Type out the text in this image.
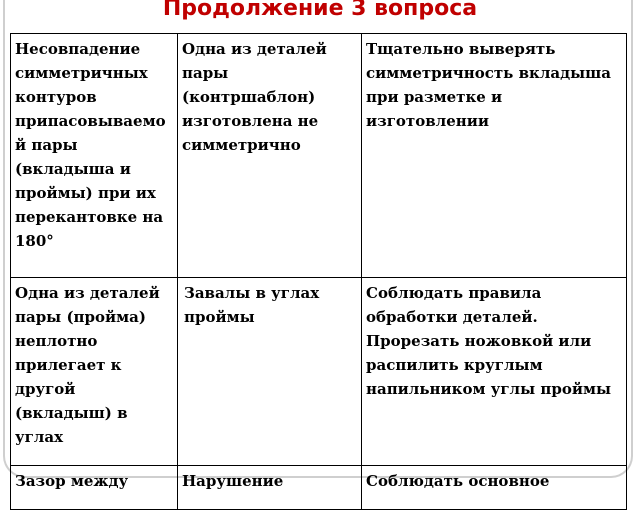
Продолжение 3 вопроса
Несовпадение симметричных контуров припасовываемой пары (вкладыша и проймы) при их перекантовке на 180°	Одна из деталей пары (контршаблон) изготовлена не симметрично	Тщательно выверять симметричность вкладыша при разметке и изготовлении
Одна из деталей пары (пройма) неплотно прилегает к другой (вкладыш) в углах	Завалы в углах проймы	Соблюдать правила обработки деталей. Прорезать ножовкой или распилить круглым напильником углы проймы
Зазор между	Нарушение	Соблюдать основное
